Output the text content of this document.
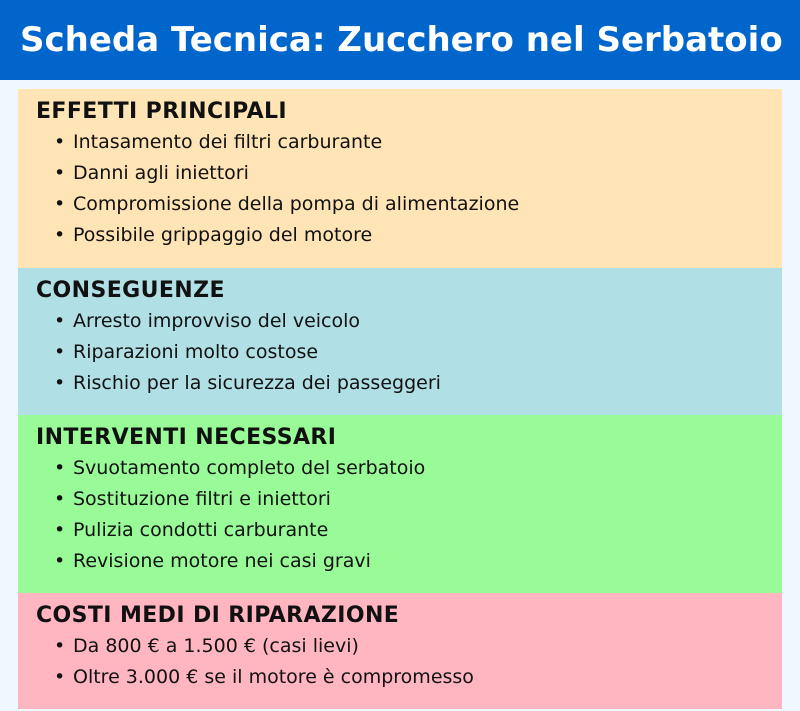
Scheda Tecnica: Zucchero nel Serbatoio
EFFETTI PRINCIPALI
• Intasamento dei filtri carburante
• Danni agli iniettori
• Compromissione della pompa di alimentazione
• Possibile grippaggio del motore
CONSEGUENZE
• Arresto improvviso del veicolo
• Riparazioni molto costose
• Rischio per la sicurezza dei passeggeri
INTERVENTI NECESSARI
• Svuotamento completo del serbatoio
• Sostituzione filtri e iniettori
• Pulizia condotti carburante
• Revisione motore nei casi gravi
COSTI MEDI DI RIPARAZIONE
• Da 800 € a 1.500 € (casi lievi)
• Oltre 3.000 € se il motore è compromesso
